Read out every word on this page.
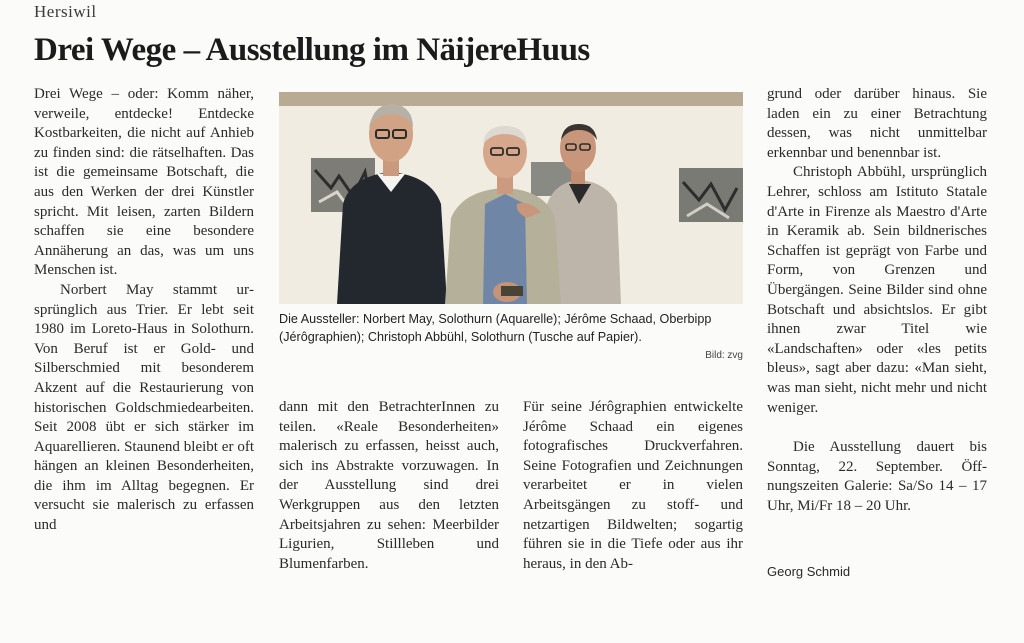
Hersiwil
Drei Wege – Ausstellung im NäijereHuus

Drei Wege – oder: Komm näher, verweile, entdecke! Entdecke Kostbarkeiten, die nicht auf Anhieb zu finden sind: die rätselhaften. Das ist die gemeinsame Botschaft, die aus den Werken der drei Künstler spricht. Mit leisen, zarten Bildern schaffen sie eine besondere Annäherung an das, was um uns Menschen ist.

Norbert May stammt ursprünglich aus Trier. Er lebt seit 1980 im Loreto-Haus in Solothurn. Von Beruf ist er Gold- und Silberschmied mit besonderem Akzent auf die Restaurierung von historischen Goldschmiedearbeiten. Seit 2008 übt er sich stärker im Aquarellieren. Staunend bleibt er oft hängen an kleinen Besonderheiten, die ihm im Alltag begegnen. Er versucht sie malerisch zu erfassen und

Die Aussteller: Norbert May, Solothurn (Aquarelle); Jérôme Schaad, Oberbipp (Jérôgraphien); Christoph Abbühl, Solothurn (Tusche auf Papier).
Bild: zvg

dann mit den BetrachterInnen zu teilen. «Reale Besonderheiten» malerisch zu erfassen, heisst auch, sich ins Abstrakte vorzuwagen. In der Ausstellung sind drei Werkgruppen aus den letzten Arbeitsjahren zu sehen: Meerbilder Ligurien, Stillleben und Blumenfarben.

Für seine Jérôgraphien entwickelte Jérôme Schaad ein eigenes fotografisches Druckverfahren. Seine Fotografien und Zeichnungen verarbeitet er in vielen Arbeitsgängen zu stoff- und netzartigen Bildwelten; sogartig führen sie in die Tiefe oder aus ihr heraus, in den Ab-

grund oder darüber hinaus. Sie laden ein zu einer Betrachtung dessen, was nicht unmittelbar erkennbar und benennbar ist.

Christoph Abbühl, ursprünglich Lehrer, schloss am Istituto Statale d'Arte in Firenze als Maestro d'Arte in Keramik ab. Sein bildnerisches Schaffen ist geprägt von Farbe und Form, von Grenzen und Übergängen. Seine Bilder sind ohne Botschaft und absichtslos. Er gibt ihnen zwar Titel wie «Landschaften» oder «les petits bleus», sagt aber dazu: «Man sieht, was man sieht, nicht mehr und nicht weniger.

Die Ausstellung dauert bis Sonntag, 22. September. Öffnungszeiten Galerie: Sa/So 14 – 17 Uhr, Mi/Fr 18 – 20 Uhr.

Georg Schmid
